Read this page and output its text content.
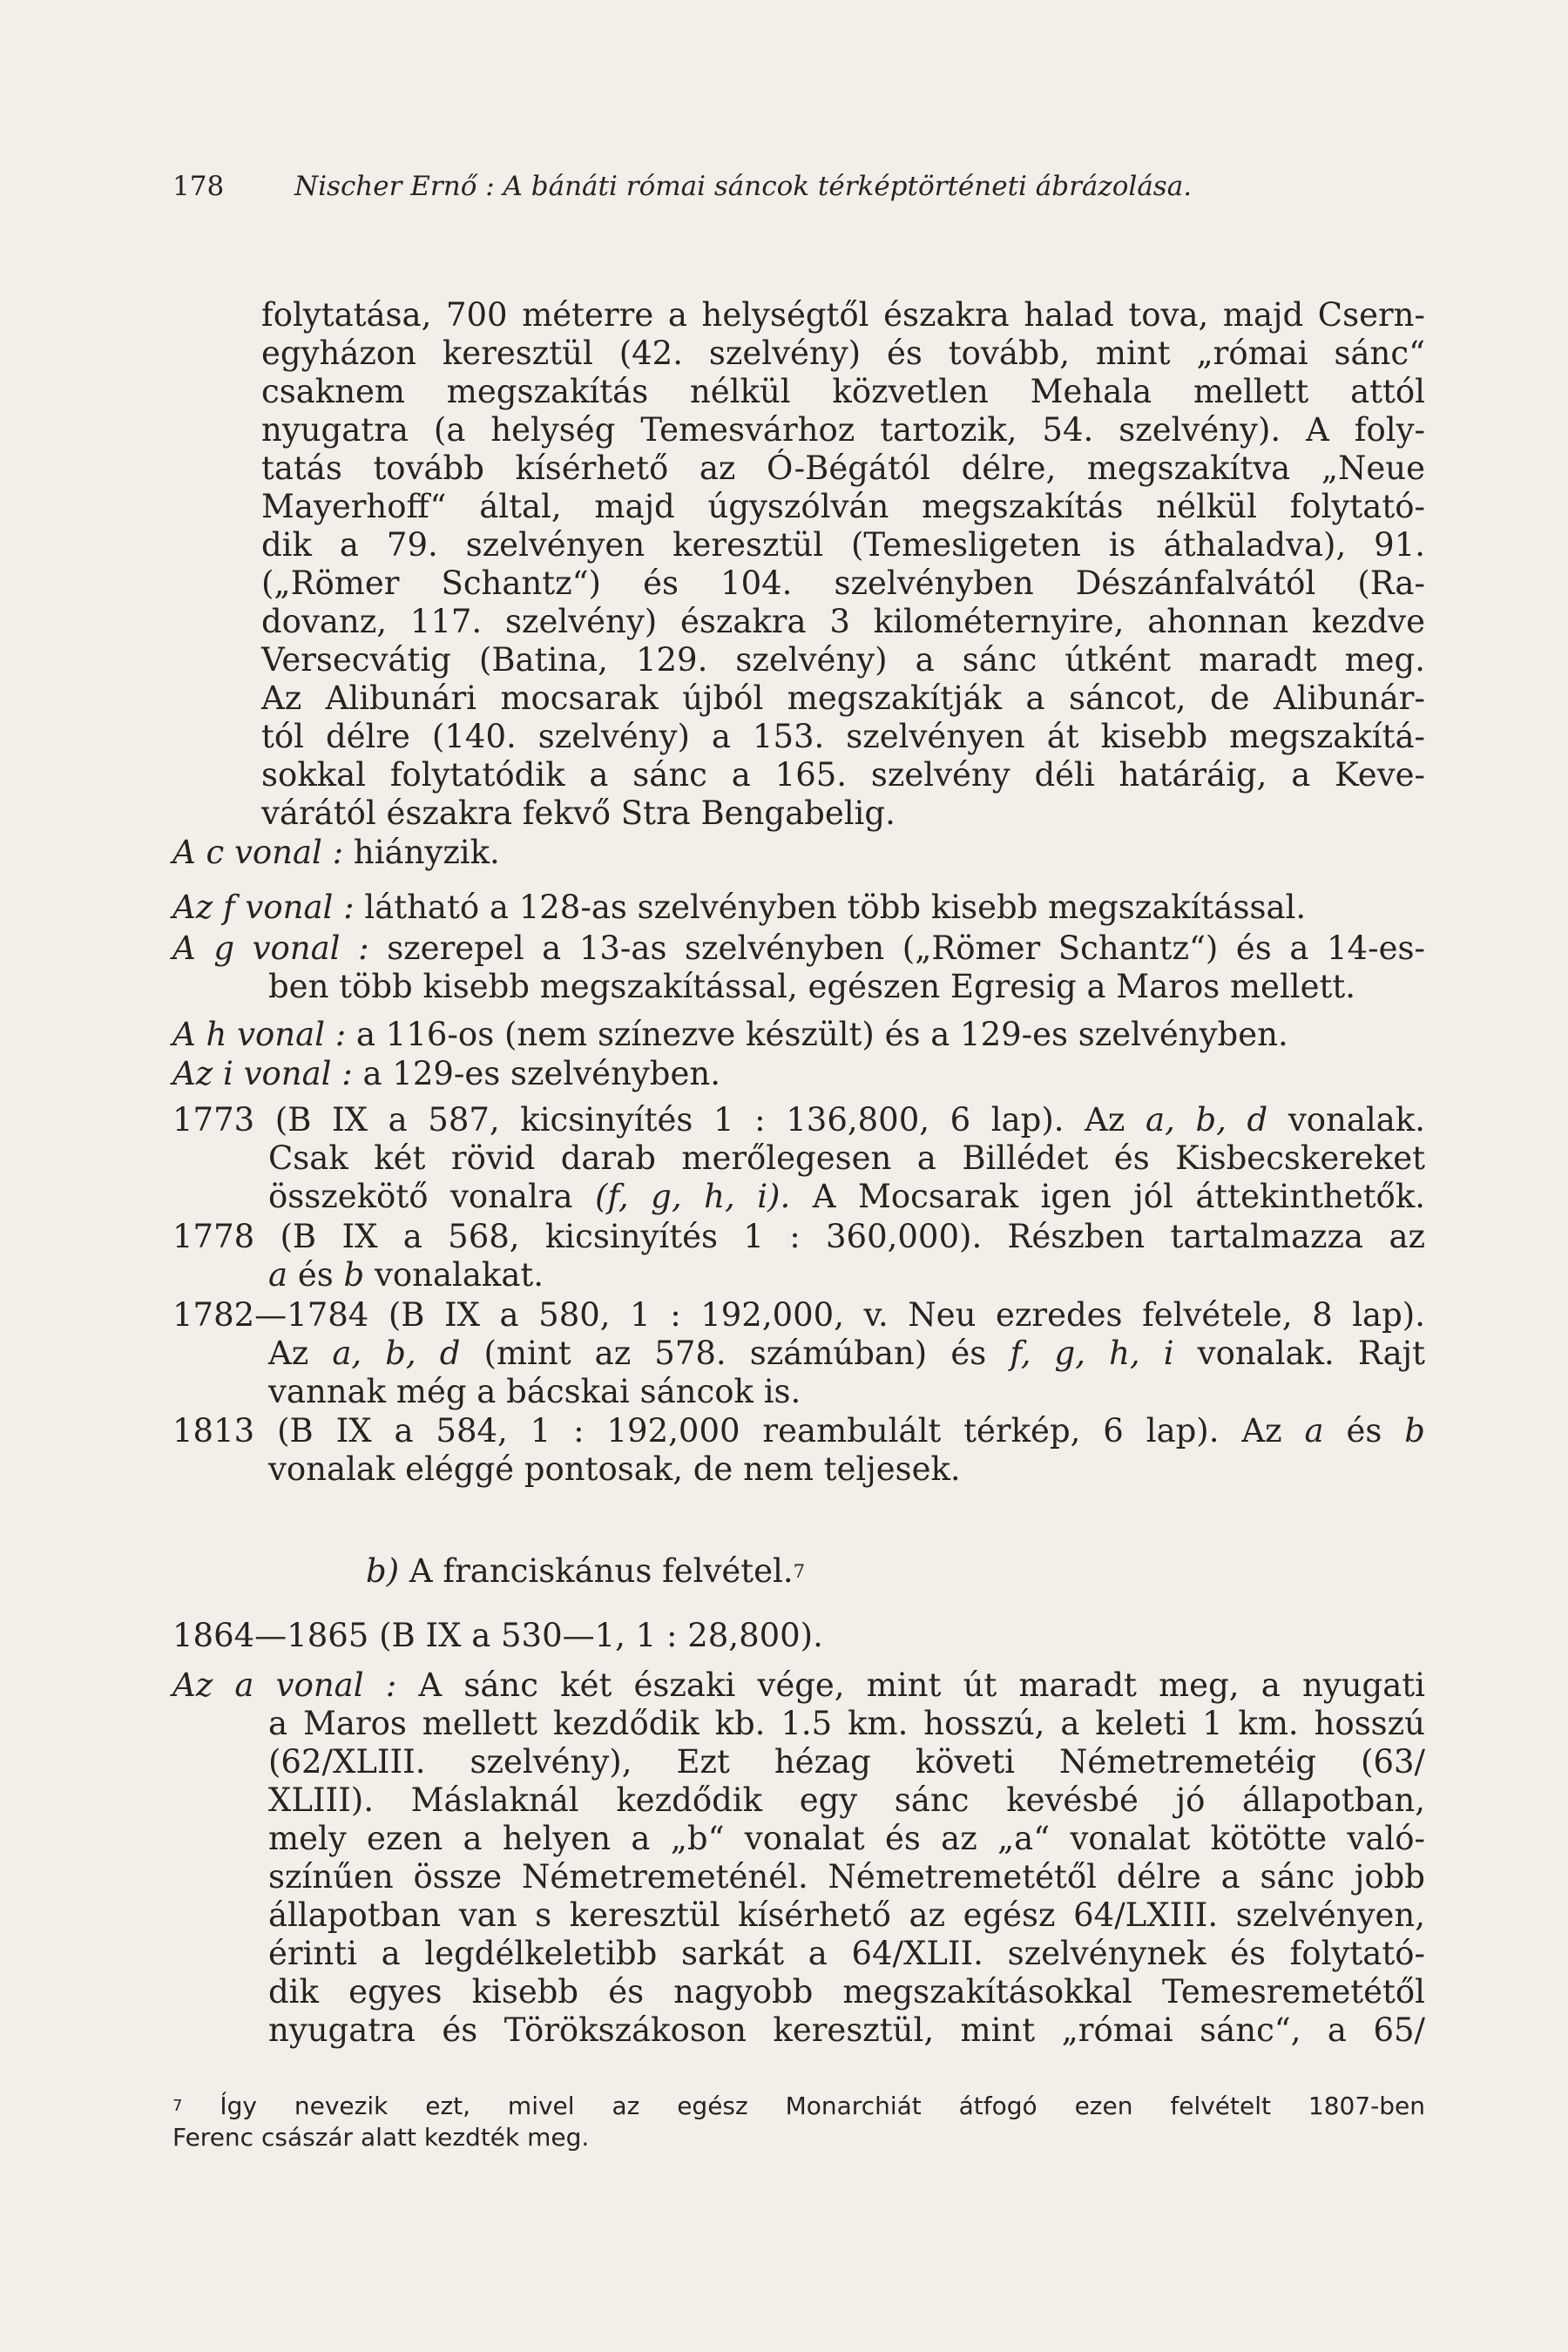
178	Nischer Ernő : A bánáti római sáncok térképtörténeti ábrázolása.
folytatása, 700 méterre a helységtől északra halad tova, majd Csern-
egyházon keresztül (42. szelvény) és tovább, mint „római sánc“
csaknem megszakítás nélkül közvetlen Mehala mellett attól
nyugatra (a helység Temesvárhoz tartozik, 54. szelvény). A foly-
tatás tovább kísérhető az Ó-Bégától délre, megszakítva „Neue
Mayerhoff“ által, majd úgyszólván megszakítás nélkül folytató-
dik a 79. szelvényen keresztül (Temesligeten is áthaladva), 91.
(„Römer Schantz“) és 104. szelvényben Dészánfalvától (Ra-
dovanz, 117. szelvény) északra 3 kilométernyire, ahonnan kezdve
Versecvátig (Batina, 129. szelvény) a sánc útként maradt meg.
Az Alibunári mocsarak újból megszakítják a sáncot, de Alibunár-
tól délre (140. szelvény) a 153. szelvényen át kisebb megszakítá-
sokkal folytatódik a sánc a 165. szelvény déli határáig, a Keve-
várától északra fekvő Stra Bengabelig.
A c vonal : hiányzik.
Az f vonal : látható a 128-as szelvényben több kisebb megszakítással.
A g vonal : szerepel a 13-as szelvényben („Römer Schantz“) és a 14-es-
ben több kisebb megszakítással, egészen Egresig a Maros mellett.
A h vonal : a 116-os (nem színezve készült) és a 129-es szelvényben.
Az i vonal : a 129-es szelvényben.
1773 (B IX a 587, kicsinyítés 1 : 136,800, 6 lap). Az a, b, d vonalak.
Csak két rövid darab merőlegesen a Billédet és Kisbecskereket
összekötő vonalra (f, g, h, i). A Mocsarak igen jól áttekinthetők.
1778 (B IX a 568, kicsinyítés 1 : 360,000). Részben tartalmazza az
a és b vonalakat.
1782—1784 (B IX a 580, 1 : 192,000, v. Neu ezredes felvétele, 8 lap).
Az a, b, d (mint az 578. számúban) és f, g, h, i vonalak. Rajt
vannak még a bácskai sáncok is.
1813 (B IX a 584, 1 : 192,000 reambulált térkép, 6 lap). Az a és b
vonalak eléggé pontosak, de nem teljesek.
b) A franciskánus felvétel.$^7$
1864—1865 (B IX a 530—1, 1 : 28,800).
Az a vonal : A sánc két északi vége, mint út maradt meg, a nyugati
a Maros mellett kezdődik kb. 1.5 km. hosszú, a keleti 1 km. hosszú
(62/XLIII. szelvény), Ezt hézag követi Németremetéig (63/
XLIII). Máslaknál kezdődik egy sánc kevésbé jó állapotban,
mely ezen a helyen a „b“ vonalat és az „a“ vonalat kötötte való-
színűen össze Németremeténél. Németremetétől délre a sánc jobb
állapotban van s keresztül kísérhető az egész 64/LXIII. szelvényen,
érinti a legdélkeletibb sarkát a 64/XLII. szelvénynek és folytató-
dik egyes kisebb és nagyobb megszakításokkal Temesremetétől
nyugatra és Törökszákoson keresztül, mint „római sánc“, a 65/
$^7$ Így nevezik ezt, mivel az egész Monarchiát átfogó ezen felvételt 1807-ben
Ferenc császár alatt kezdték meg.
